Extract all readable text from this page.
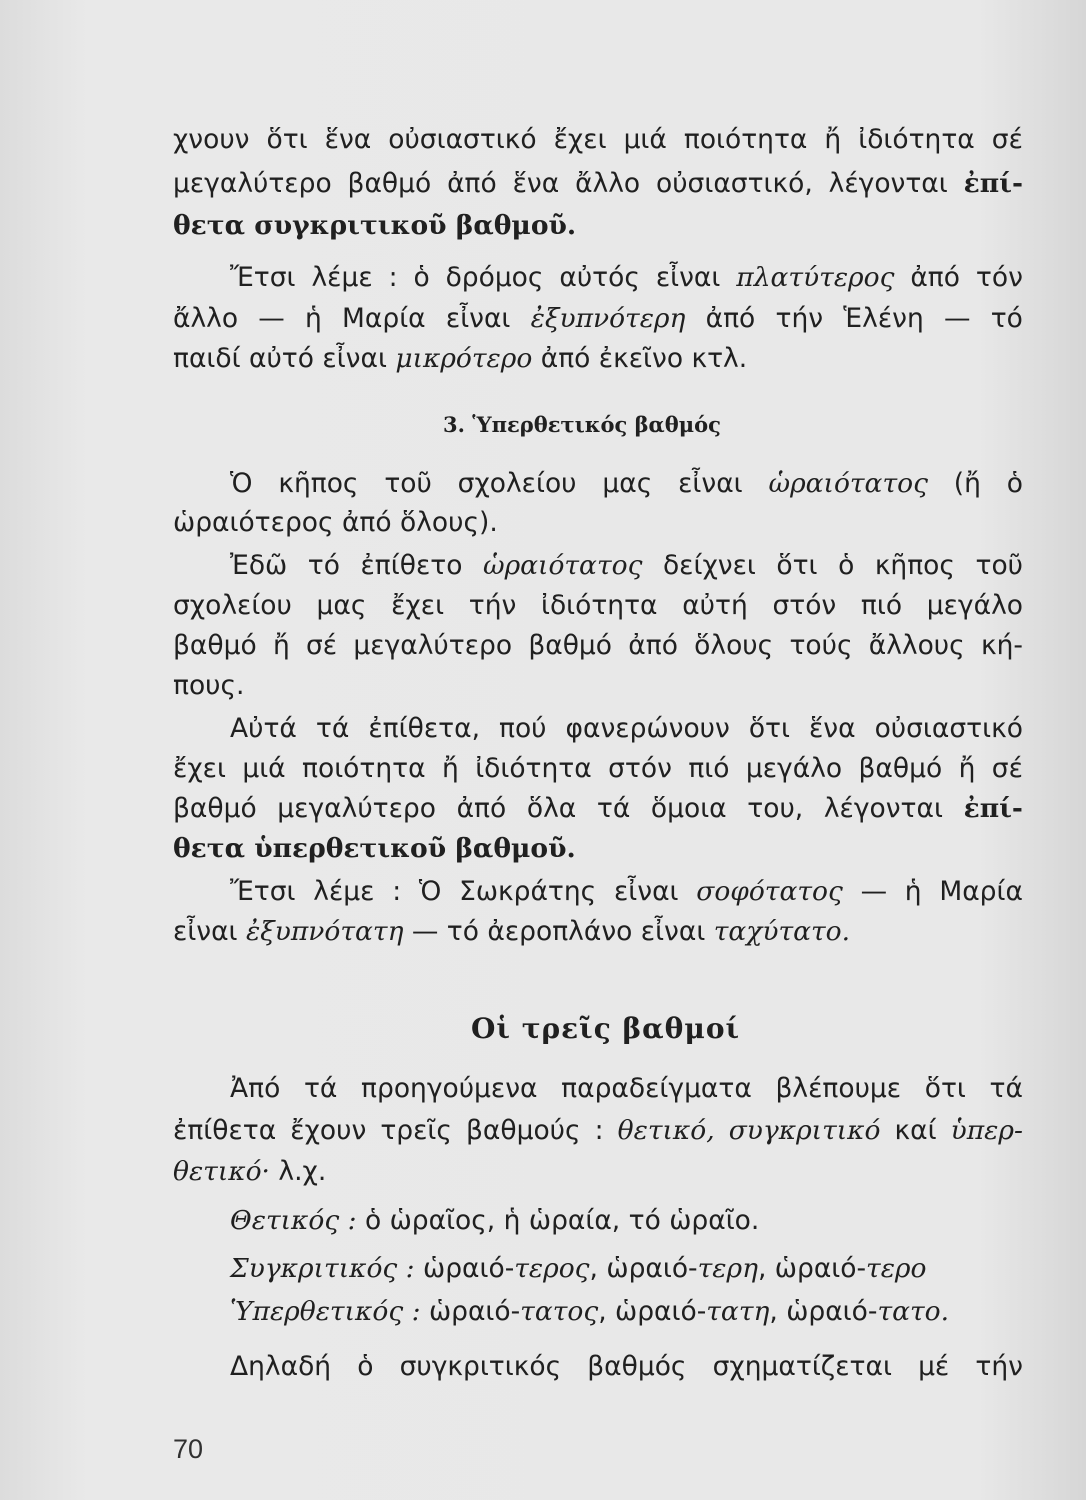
χνουν ὅτι ἕνα οὐσιαστικό ἔχει μιά ποιότητα ἤ ἰδιότητα σέ
μεγαλύτερο βαθμό ἀπό ἕνα ἄλλο οὐσιαστικό, λέγονται ἐπί-
θετα συγκριτικοῦ βαθμοῦ.
Ἔτσι λέμε : ὁ δρόμος αὐτός εἶναι πλατύτερος ἀπό τόν
ἄλλο — ἡ Μαρία εἶναι ἐξυπνότερη ἀπό τήν Ἑλένη — τό
παιδί αὐτό εἶναι μικρότερο ἀπό ἐκεῖνο κτλ.
Ὁ κῆπος τοῦ σχολείου μας εἶναι ὡραιότατος (ἤ ὁ
ὡραιότερος ἀπό ὅλους).
Ἐδῶ τό ἐπίθετο ὡραιότατος δείχνει ὅτι ὁ κῆπος τοῦ
σχολείου μας ἔχει τήν ἰδιότητα αὐτή στόν πιό μεγάλο
βαθμό ἤ σέ μεγαλύτερο βαθμό ἀπό ὅλους τούς ἄλλους κή-
πους.
Αὐτά τά ἐπίθετα, πού φανερώνουν ὅτι ἕνα οὐσιαστικό
ἔχει μιά ποιότητα ἤ ἰδιότητα στόν πιό μεγάλο βαθμό ἤ σέ
βαθμό μεγαλύτερο ἀπό ὅλα τά ὅμοια του, λέγονται ἐπί-
θετα ὑπερθετικοῦ βαθμοῦ.
Ἔτσι λέμε : Ὁ Σωκράτης εἶναι σοφότατος — ἡ Μαρία
εἶναι ἐξυπνότατη — τό ἀεροπλάνο εἶναι ταχύτατο.
Ἀπό τά προηγούμενα παραδείγματα βλέπουμε ὅτι τά
ἐπίθετα ἔχουν τρεῖς βαθμούς : θετικό, συγκριτικό καί ὑπερ-
θετικό· λ.χ.
Θετικός : ὁ ὡραῖος, ἡ ὡραία, τό ὡραῖο.
Συγκριτικός : ὡραιό-τερος, ὡραιό-τερη, ὡραιό-τερο
Ὑπερθετικός : ὡραιό-τατος, ὡραιό-τατη, ὡραιό-τατο.
Δηλαδή ὁ συγκριτικός βαθμός σχηματίζεται μέ τήν
3. Ὑπερθετικός βαθμός
Οἱ τρεῖς βαθμοί
70
